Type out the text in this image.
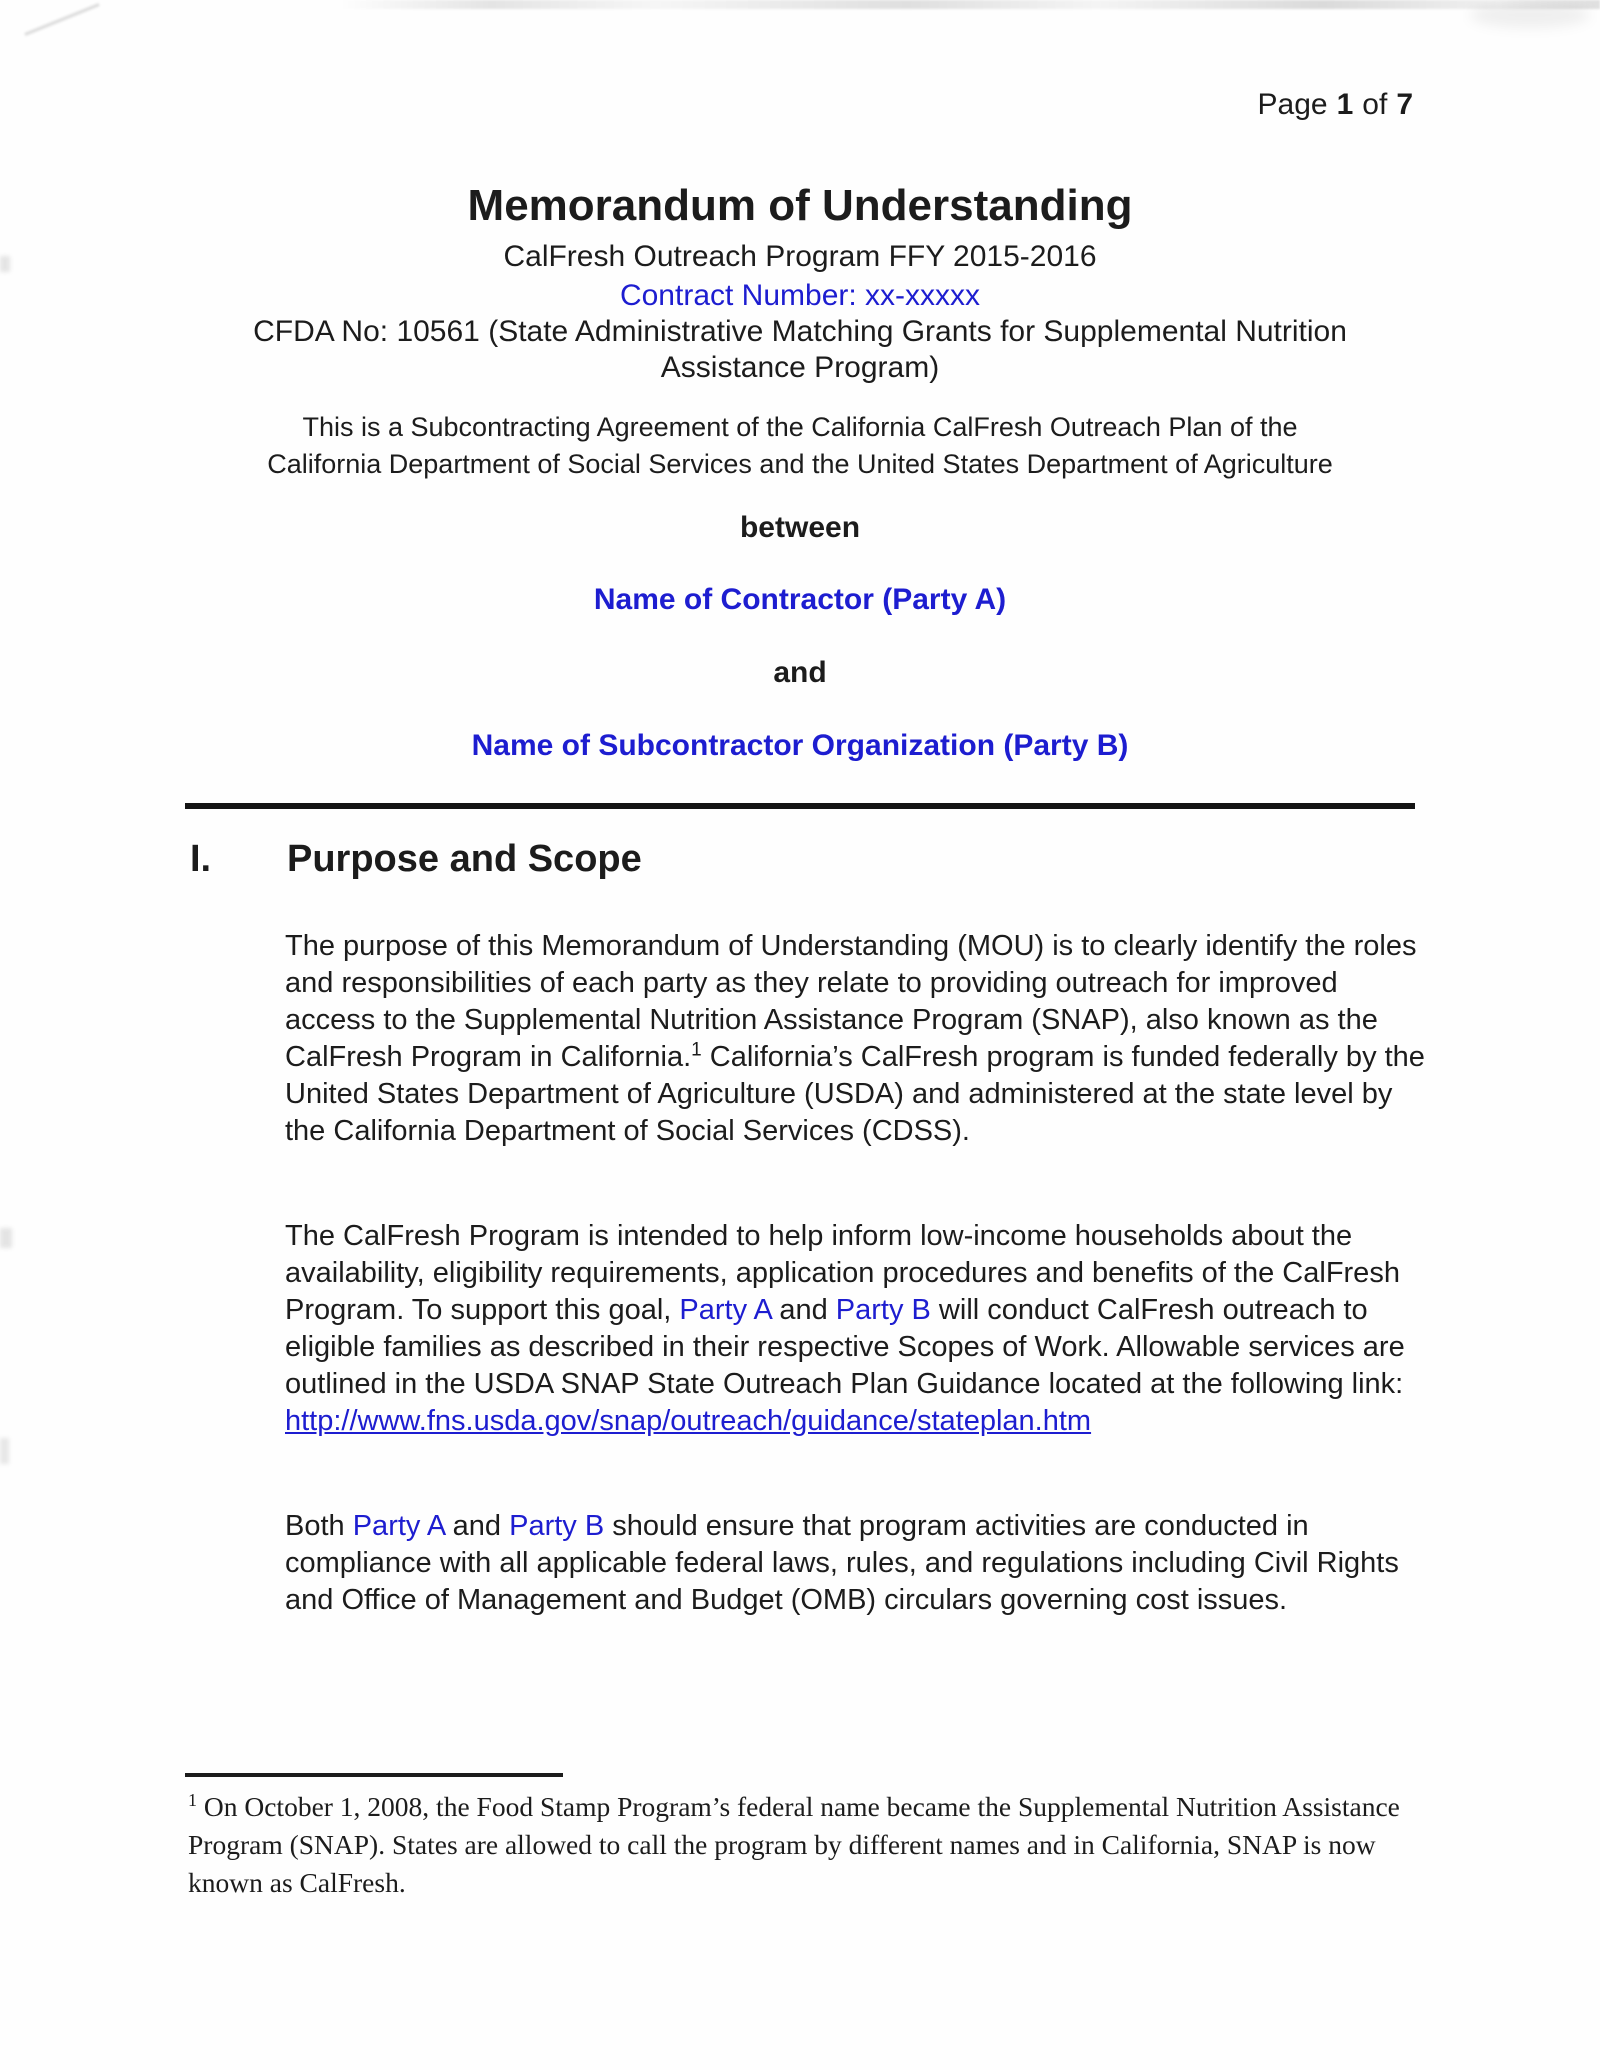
Page 1 of 7
Memorandum of Understanding
CalFresh Outreach Program FFY 2015-2016
Contract Number: xx-xxxxx
CFDA No: 10561 (State Administrative Matching Grants for Supplemental Nutrition
Assistance Program)
This is a Subcontracting Agreement of the California CalFresh Outreach Plan of the California Department of Social Services and the United States Department of Agriculture
between
Name of Contractor (Party A)
and
Name of Subcontractor Organization (Party B)
I.	Purpose and Scope
The purpose of this Memorandum of Understanding (MOU) is to clearly identify the roles and responsibilities of each party as they relate to providing outreach for improved access to the Supplemental Nutrition Assistance Program (SNAP), also known as the CalFresh Program in California.$^1$ California’s CalFresh program is funded federally by the United States Department of Agriculture (USDA) and administered at the state level by the California Department of Social Services (CDSS).
The CalFresh Program is intended to help inform low-income households about the availability, eligibility requirements, application procedures and benefits of the CalFresh Program. To support this goal, Party A and Party B will conduct CalFresh outreach to eligible families as described in their respective Scopes of Work. Allowable services are outlined in the USDA SNAP State Outreach Plan Guidance located at the following link:
http://www.fns.usda.gov/snap/outreach/guidance/stateplan.htm
Both Party A and Party B should ensure that program activities are conducted in compliance with all applicable federal laws, rules, and regulations including Civil Rights and Office of Management and Budget (OMB) circulars governing cost issues.
$^1$ On October 1, 2008, the Food Stamp Program’s federal name became the Supplemental Nutrition Assistance Program (SNAP). States are allowed to call the program by different names and in California, SNAP is now known as CalFresh.
